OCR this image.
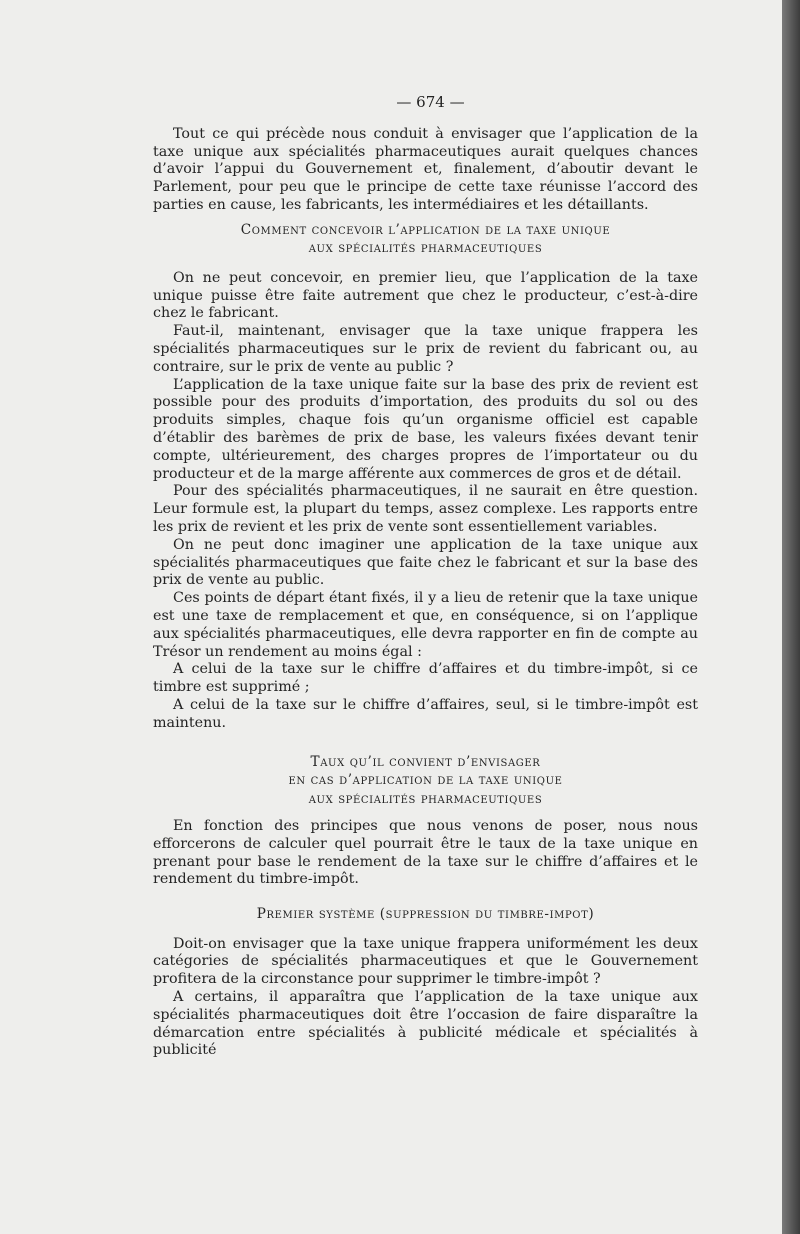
— 674 —

Tout ce qui précède nous conduit à envisager que l’application de la taxe unique aux spécialités pharmaceutiques aurait quelques chances d’avoir l’appui du Gouvernement et, finalement, d’aboutir devant le Parlement, pour peu que le principe de cette taxe réunisse l’accord des parties en cause, les fabricants, les intermédiaires et les détaillants.

Comment concevoir l’application de la taxe unique
aux spécialités pharmaceutiques

On ne peut concevoir, en premier lieu, que l’application de la taxe unique puisse être faite autrement que chez le producteur, c’est-à-dire chez le fabricant.

Faut-il, maintenant, envisager que la taxe unique frappera les spécialités pharmaceutiques sur le prix de revient du fabricant ou, au contraire, sur le prix de vente au public ?

L’application de la taxe unique faite sur la base des prix de revient est possible pour des produits d’importation, des produits du sol ou des produits simples, chaque fois qu’un organisme officiel est capable d’établir des barèmes de prix de base, les valeurs fixées devant tenir compte, ultérieurement, des charges propres de l’importateur ou du producteur et de la marge afférente aux commerces de gros et de détail.

Pour des spécialités pharmaceutiques, il ne saurait en être question. Leur formule est, la plupart du temps, assez complexe. Les rapports entre les prix de revient et les prix de vente sont essentiellement variables.

On ne peut donc imaginer une application de la taxe unique aux spécialités pharmaceutiques que faite chez le fabricant et sur la base des prix de vente au public.

Ces points de départ étant fixés, il y a lieu de retenir que la taxe unique est une taxe de remplacement et que, en conséquence, si on l’applique aux spécialités pharmaceutiques, elle devra rapporter en fin de compte au Trésor un rendement au moins égal :

A celui de la taxe sur le chiffre d’affaires et du timbre-impôt, si ce timbre est supprimé ;

A celui de la taxe sur le chiffre d’affaires, seul, si le timbre-impôt est maintenu.

Taux qu’il convient d’envisager
en cas d’application de la taxe unique
aux spécialités pharmaceutiques

En fonction des principes que nous venons de poser, nous nous efforcerons de calculer quel pourrait être le taux de la taxe unique en prenant pour base le rendement de la taxe sur le chiffre d’affaires et le rendement du timbre-impôt.

Premier système (suppression du timbre-impot)

Doit-on envisager que la taxe unique frappera uniformément les deux catégories de spécialités pharmaceutiques et que le Gouvernement profitera de la circonstance pour supprimer le timbre-impôt ?

A certains, il apparaîtra que l’application de la taxe unique aux spécialités pharmaceutiques doit être l’occasion de faire disparaître la démarcation entre spécialités à publicité médicale et spécialités à publicité
